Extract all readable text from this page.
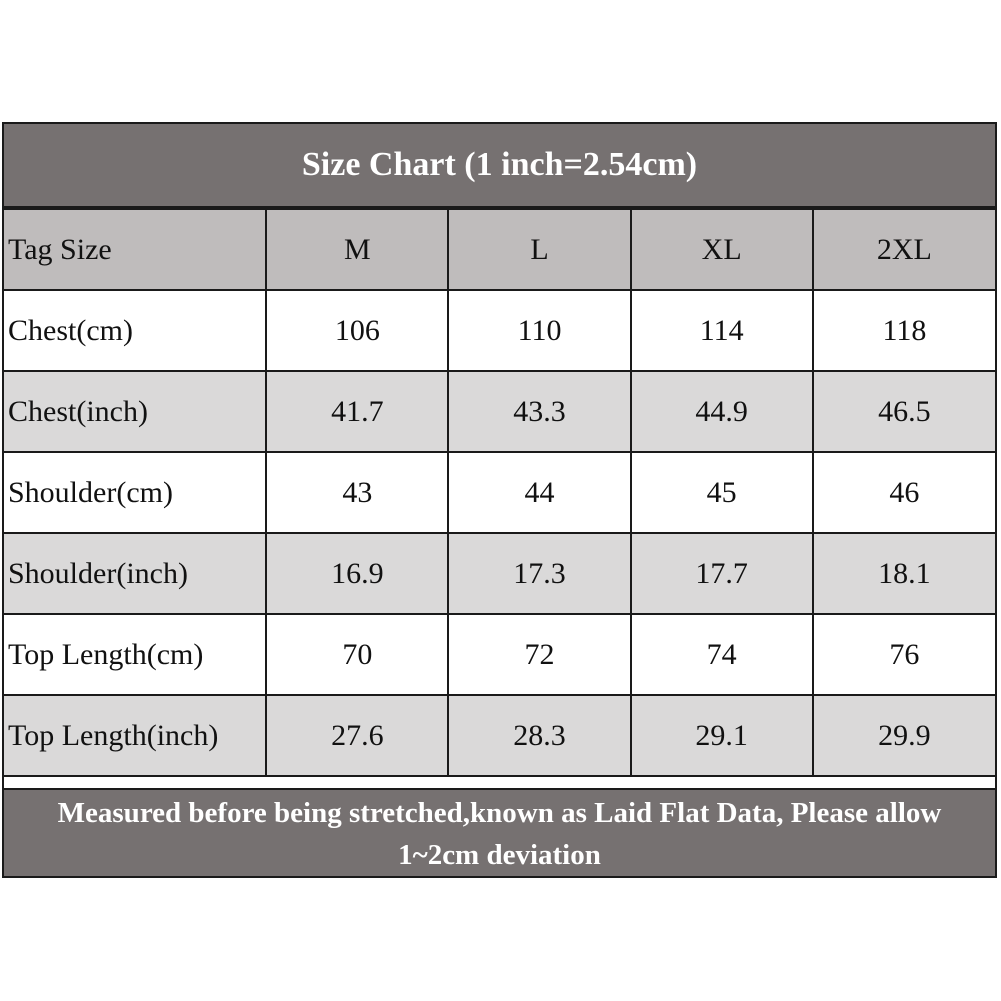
Size Chart (1 inch=2.54cm)
Tag Size	M	L	XL	2XL
Chest(cm)	106	110	114	118
Chest(inch)	41.7	43.3	44.9	46.5
Shoulder(cm)	43	44	45	46
Shoulder(inch)	16.9	17.3	17.7	18.1
Top Length(cm)	70	72	74	76
Top Length(inch)	27.6	28.3	29.1	29.9
Measured before being stretched,known as Laid Flat Data, Please allow 1~2cm deviation
